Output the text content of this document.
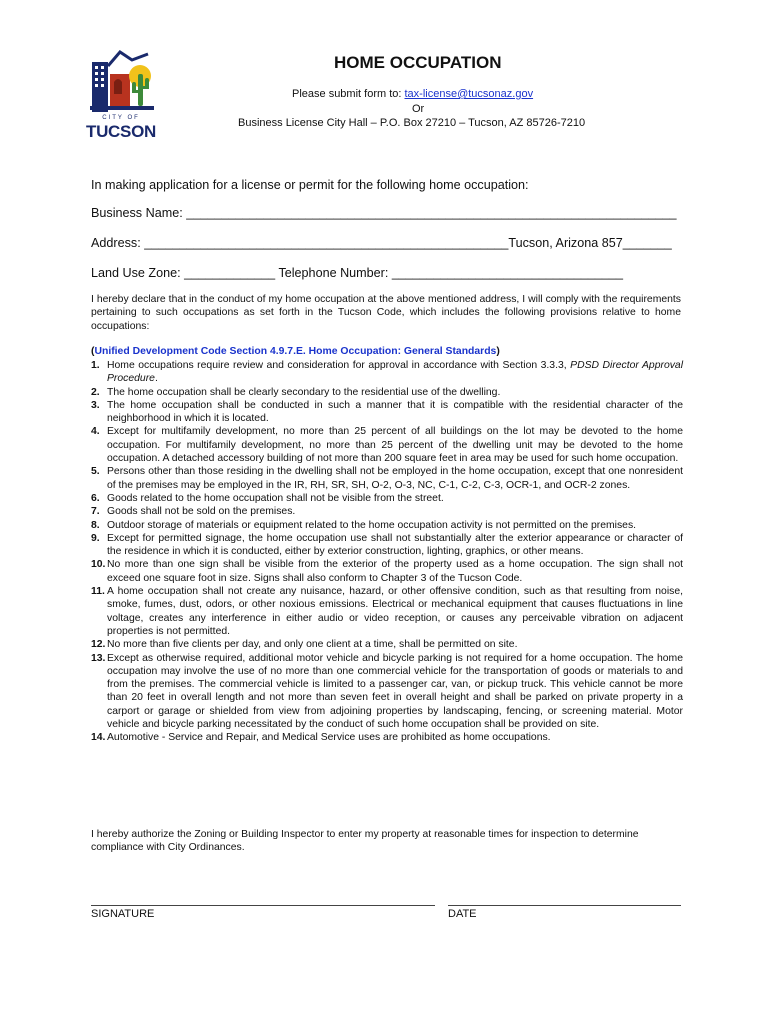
CITY OF
TUCSON
HOME OCCUPATION
Please submit form to: tax-license@tucsonaz.gov
Or
Business License City Hall – P.O. Box 27210 – Tucson, AZ 85726-7210
In making application for a license or permit for the following home occupation:
Business Name: ______________________________________________________________________
Address: ____________________________________________________Tucson, Arizona 857_______
Land Use Zone: _____________ Telephone Number: _________________________________
I hereby declare that in the conduct of my home occupation at the above mentioned address, I will comply with the requirements pertaining to such occupations as set forth in the Tucson Code, which includes the following provisions relative to home occupations:
(Unified Development Code Section 4.9.7.E. Home Occupation: General Standards)
1. Home occupations require review and consideration for approval in accordance with Section 3.3.3, PDSD Director Approval Procedure.
2. The home occupation shall be clearly secondary to the residential use of the dwelling.
3. The home occupation shall be conducted in such a manner that it is compatible with the residential character of the neighborhood in which it is located.
4. Except for multifamily development, no more than 25 percent of all buildings on the lot may be devoted to the home occupation. For multifamily development, no more than 25 percent of the dwelling unit may be devoted to the home occupation. A detached accessory building of not more than 200 square feet in area may be used for such home occupation.
5. Persons other than those residing in the dwelling shall not be employed in the home occupation, except that one nonresident of the premises may be employed in the IR, RH, SR, SH, O-2, O-3, NC, C-1, C-2, C-3, OCR-1, and OCR-2 zones.
6. Goods related to the home occupation shall not be visible from the street.
7. Goods shall not be sold on the premises.
8. Outdoor storage of materials or equipment related to the home occupation activity is not permitted on the premises.
9. Except for permitted signage, the home occupation use shall not substantially alter the exterior appearance or character of the residence in which it is conducted, either by exterior construction, lighting, graphics, or other means.
10. No more than one sign shall be visible from the exterior of the property used as a home occupation. The sign shall not exceed one square foot in size. Signs shall also conform to Chapter 3 of the Tucson Code.
11. A home occupation shall not create any nuisance, hazard, or other offensive condition, such as that resulting from noise, smoke, fumes, dust, odors, or other noxious emissions. Electrical or mechanical equipment that causes fluctuations in line voltage, creates any interference in either audio or video reception, or causes any perceivable vibration on adjacent properties is not permitted.
12. No more than five clients per day, and only one client at a time, shall be permitted on site.
13. Except as otherwise required, additional motor vehicle and bicycle parking is not required for a home occupation. The home occupation may involve the use of no more than one commercial vehicle for the transportation of goods or materials to and from the premises. The commercial vehicle is limited to a passenger car, van, or pickup truck. This vehicle cannot be more than 20 feet in overall length and not more than seven feet in overall height and shall be parked on private property in a carport or garage or shielded from view from adjoining properties by landscaping, fencing, or screening material. Motor vehicle and bicycle parking necessitated by the conduct of such home occupation shall be provided on site.
14. Automotive - Service and Repair, and Medical Service uses are prohibited as home occupations.
I hereby authorize the Zoning or Building Inspector to enter my property at reasonable times for inspection to determine compliance with City Ordinances.
SIGNATURE	DATE
